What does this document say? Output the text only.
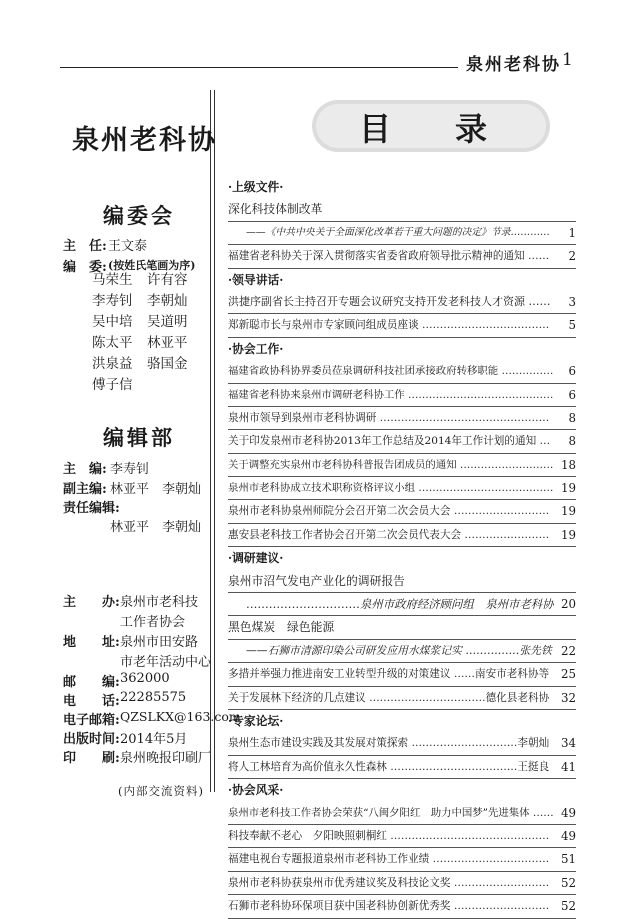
泉州老科协 1
泉州老科协
编委会
主　任: 王文泰
编　委: (按姓氏笔画为序)
马荣生
李寿钊
吴中培
陈太平
洪泉益
傅子信
许有容
李朝灿
吴道明
林亚平
骆国金
编辑部
主　编: 李寿钊
副主编: 林亚平　李朝灿
责任编辑:
林亚平　李朝灿
主　　办: 泉州市老科技
工作者协会
地　　址: 泉州市田安路
市老年活动中心
邮　　编: 362000
电　　话: 22285575
电子邮箱: QZSLKX@163.com
出版时间: 2014年5月
印　　刷: 泉州晚报印刷厂
(内部交流资料)
目　录
·上级文件·
深化科技体制改革
——《中共中央关于全面深化改革若干重大问题的决定》节录………… 1
福建省老科协关于深入贯彻落实省委省政府领导批示精神的通知 …… 2
·领导讲话·
洪捷序副省长主持召开专题会议研究支持开发老科技人才资源 …… 3
郑新聪市长与泉州市专家顾问组成员座谈 ……………………………… 5
·协会工作·
福建省政协科协界委员莅泉调研科技社团承接政府转移职能 …………… 6
福建省老科协来泉州市调研老科协工作 …………………………………… 6
泉州市领导到泉州市老科协调研 ………………………………………… 8
关于印发泉州市老科协2013年工作总结及2014年工作计划的通知 … 8
关于调整充实泉州市老科协科普报告团成员的通知 ……………………… 18
泉州市老科协成立技术职称资格评议小组 ………………………………… 19
泉州市老科协泉州师院分会召开第二次会员大会 ……………………… 19
惠安县老科技工作者协会召开第二次会员代表大会 …………………… 19
·调研建议·
泉州市沼气发电产业化的调研报告
…………………………泉州市政府经济顾问组　泉州市老科协 20
黑色煤炭　绿色能源
——石狮市清源印染公司研发应用水煤浆记实 ……………张先铁 22
多措并举强力推进南安工业转型升级的对策建议 ……南安市老科协等 25
关于发展林下经济的几点建议 ……………………………德化县老科协 32
·专家论坛·
泉州生态市建设实践及其发展对策探索 …………………………李朝灿 34
将人工林培育为高价值永久性森林 ………………………………王挺良 41
·协会风采·
泉州市老科技工作者协会荣获“八闽夕阳红　助力中国梦”先进集体 …… 49
科技奉献不老心　夕阳映照刺桐红 ……………………………………… 49
福建电视台专题报道泉州市老科协工作业绩 …………………………… 51
泉州市老科协获泉州市优秀建议奖及科技论文奖 ……………………… 52
石狮市老科协环保项目获中国老科协创新优秀奖 ……………………… 52
